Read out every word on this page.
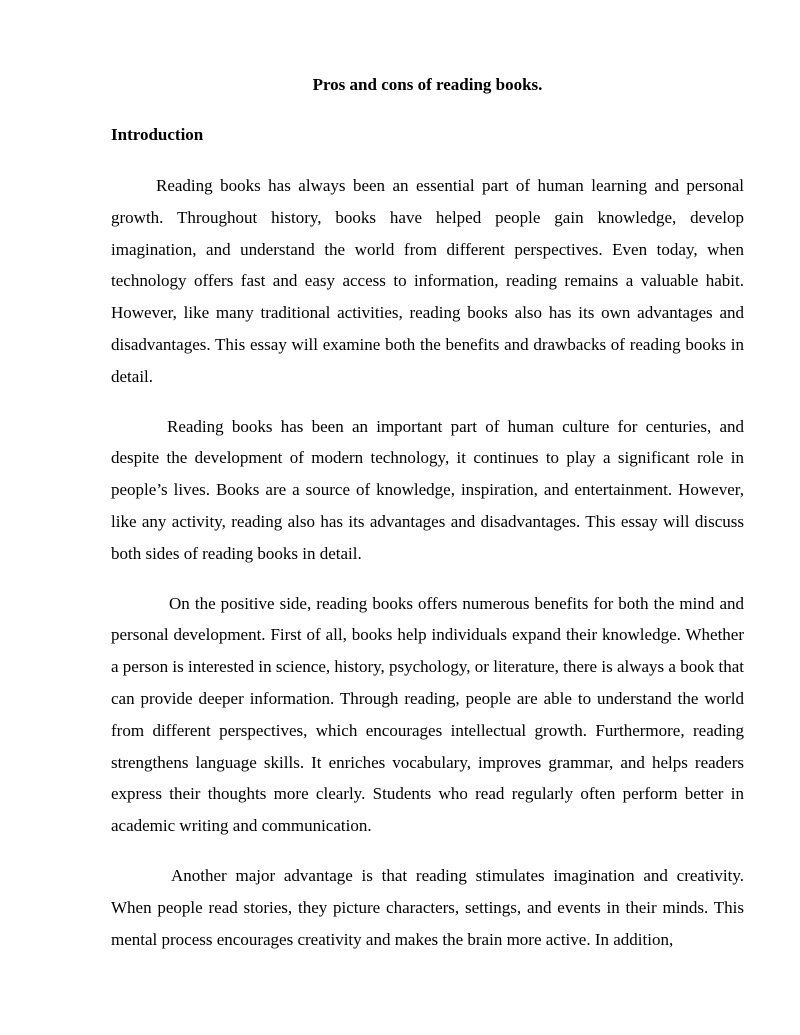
Pros and cons of reading books.
Introduction

Reading books has always been an essential part of human learning and personal growth. Throughout history, books have helped people gain knowledge, develop imagination, and understand the world from different perspectives. Even today, when technology offers fast and easy access to information, reading remains a valuable habit. However, like many traditional activities, reading books also has its own advantages and disadvantages. This essay will examine both the benefits and drawbacks of reading books in detail.

Reading books has been an important part of human culture for centuries, and despite the development of modern technology, it continues to play a significant role in people’s lives. Books are a source of knowledge, inspiration, and entertainment. However, like any activity, reading also has its advantages and disadvantages. This essay will discuss both sides of reading books in detail.

On the positive side, reading books offers numerous benefits for both the mind and personal development. First of all, books help individuals expand their knowledge. Whether a person is interested in science, history, psychology, or literature, there is always a book that can provide deeper information. Through reading, people are able to understand the world from different perspectives, which encourages intellectual growth. Furthermore, reading strengthens language skills. It enriches vocabulary, improves grammar, and helps readers express their thoughts more clearly. Students who read regularly often perform better in academic writing and communication.

Another major advantage is that reading stimulates imagination and creativity. When people read stories, they picture characters, settings, and events in their minds. This mental process encourages creativity and makes the brain more active. In addition,
